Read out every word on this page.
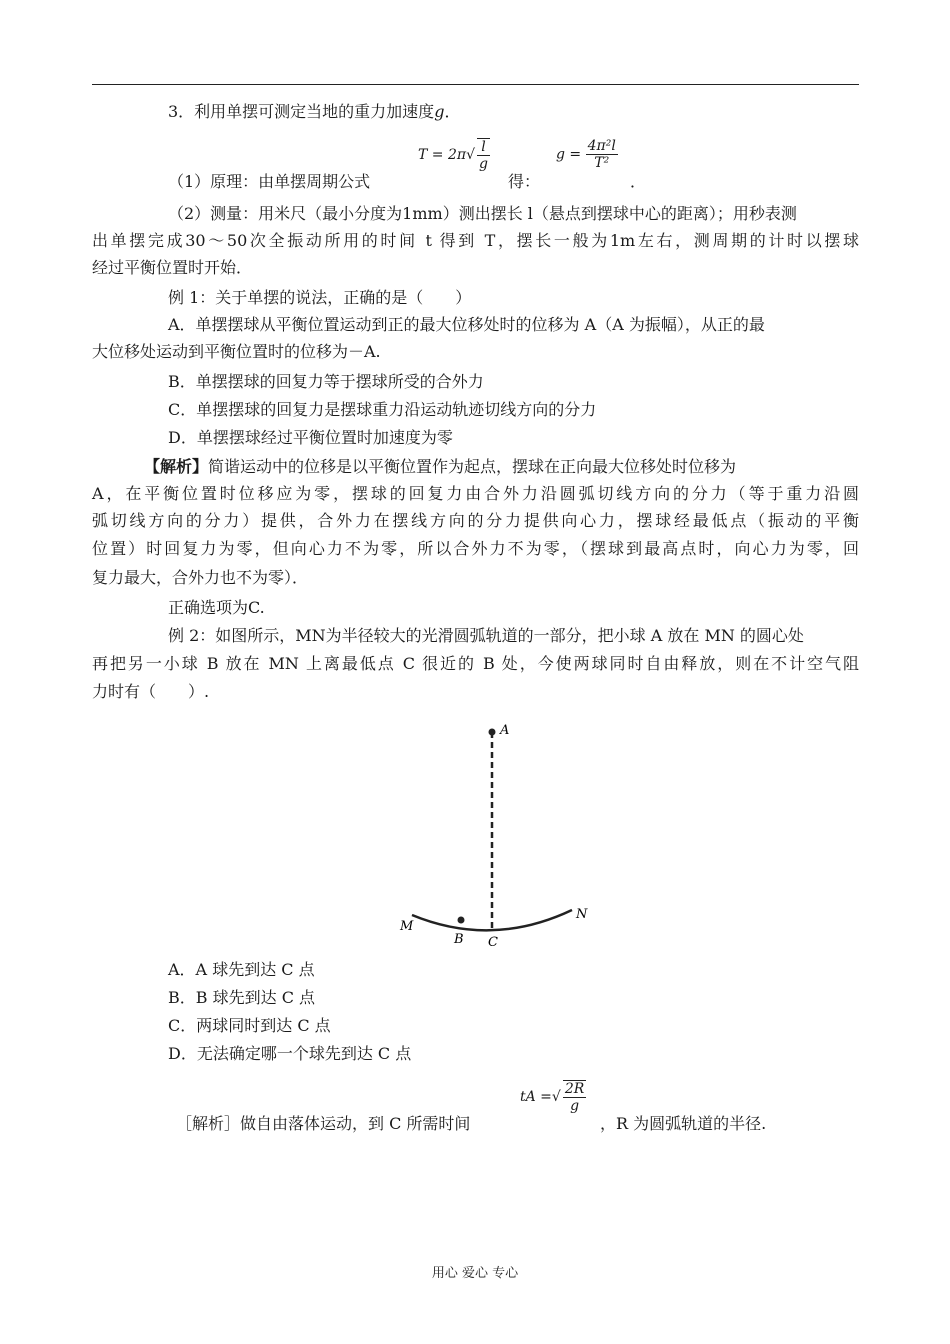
3．利用单摆可测定当地的重力加速度g．
$T = 2\pi√ \frac{l}{g}$	$g = \frac{\text{4π²l}}{\text{T²}}$
（1）原理：由单摆周期公式	得：	．
（2）测量：用米尺（最小分度为1mm）测出摆长 l（悬点到摆球中心的距离）；用秒表测
出单摆完成30～50次全振动所用的时间 t 得到 T，摆长一般为1m左右，测周期的计时以摆球
经过平衡位置时开始．
例 1：关于单摆的说法，正确的是（　　）
A．单摆摆球从平衡位置运动到正的最大位移处时的位移为 A（A 为振幅），从正的最
大位移处运动到平衡位置时的位移为－A.
B．单摆摆球的回复力等于摆球所受的合外力
C．单摆摆球的回复力是摆球重力沿运动轨迹切线方向的分力
D．单摆摆球经过平衡位置时加速度为零
【解析】简谐运动中的位移是以平衡位置作为起点，摆球在正向最大位移处时位移为
A，在平衡位置时位移应为零，摆球的回复力由合外力沿圆弧切线方向的分力（等于重力沿圆
弧切线方向的分力）提供，合外力在摆线方向的分力提供向心力，摆球经最低点（振动的平衡
位置）时回复力为零，但向心力不为零，所以合外力不为零，（摆球到最高点时，向心力为零，回
复力最大，合外力也不为零）．
正确选项为C.
例 2：如图所示，MN为半径较大的光滑圆弧轨道的一部分，把小球 A 放在 MN 的圆心处
再把另一小球 B 放在 MN 上离最低点 C 很近的 B 处，今使两球同时自由释放，则在不计空气阻
力时有（　　）.
A
B C
M
N
A．A 球先到达 C 点
B．B 球先到达 C 点
C．两球同时到达 C 点
D．无法确定哪一个球先到达 C 点
tA =√ $\frac{2R}{g}$
［解析］做自由落体运动，到 C 所需时间	，R 为圆弧轨道的半径.
用心 爱心 专心
